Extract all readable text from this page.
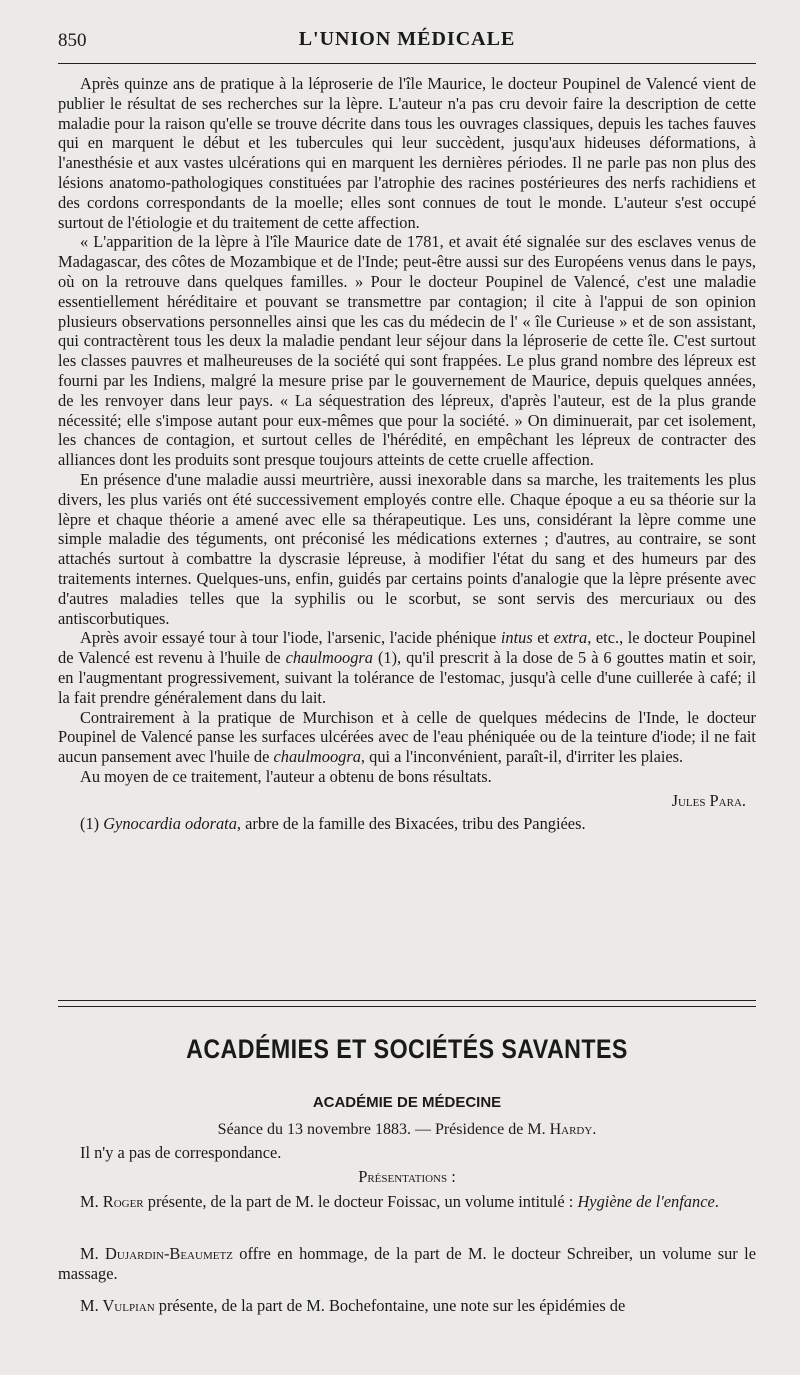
850	L'UNION MÉDICALE

Après quinze ans de pratique à la léproserie de l'île Maurice, le docteur Poupinel de Valencé vient de publier le résultat de ses recherches sur la lèpre. L'auteur n'a pas cru devoir faire la description de cette maladie pour la raison qu'elle se trouve décrite dans tous les ouvrages classiques, depuis les taches fauves qui en marquent le début et les tubercules qui leur succèdent, jusqu'aux hideuses déformations, à l'anesthésie et aux vastes ulcérations qui en marquent les dernières périodes. Il ne parle pas non plus des lésions anatomo-pathologiques constituées par l'atrophie des racines postérieures des nerfs rachidiens et des cordons correspondants de la moelle; elles sont connues de tout le monde. L'auteur s'est occupé surtout de l'étiologie et du traitement de cette affection.

« L'apparition de la lèpre à l'île Maurice date de 1781, et avait été signalée sur des esclaves venus de Madagascar, des côtes de Mozambique et de l'Inde; peut-être aussi sur des Européens venus dans le pays, où on la retrouve dans quelques familles. » Pour le docteur Poupinel de Valencé, c'est une maladie essentiellement héréditaire et pouvant se transmettre par contagion; il cite à l'appui de son opinion plusieurs observations personnelles ainsi que les cas du médecin de l' « île Curieuse » et de son assistant, qui contractèrent tous les deux la maladie pendant leur séjour dans la léproserie de cette île. C'est surtout les classes pauvres et malheureuses de la société qui sont frappées. Le plus grand nombre des lépreux est fourni par les Indiens, malgré la mesure prise par le gouvernement de Maurice, depuis quelques années, de les renvoyer dans leur pays. « La séquestration des lépreux, d'après l'auteur, est de la plus grande nécessité; elle s'impose autant pour eux-mêmes que pour la société. » On diminuerait, par cet isolement, les chances de contagion, et surtout celles de l'hérédité, en empêchant les lépreux de contracter des alliances dont les produits sont presque toujours atteints de cette cruelle affection.

En présence d'une maladie aussi meurtrière, aussi inexorable dans sa marche, les traitements les plus divers, les plus variés ont été successivement employés contre elle. Chaque époque a eu sa théorie sur la lèpre et chaque théorie a amené avec elle sa thérapeutique. Les uns, considérant la lèpre comme une simple maladie des téguments, ont préconisé les médications externes ; d'autres, au contraire, se sont attachés surtout à combattre la dyscrasie lépreuse, à modifier l'état du sang et des humeurs par des traitements internes. Quelques-uns, enfin, guidés par certains points d'analogie que la lèpre présente avec d'autres maladies telles que la syphilis ou le scorbut, se sont servis des mercuriaux ou des antiscorbutiques.

Après avoir essayé tour à tour l'iode, l'arsenic, l'acide phénique intus et extra, etc., le docteur Poupinel de Valencé est revenu à l'huile de chaulmoogra (1), qu'il prescrit à la dose de 5 à 6 gouttes matin et soir, en l'augmentant progressivement, suivant la tolérance de l'estomac, jusqu'à celle d'une cuillerée à café; il la fait prendre généralement dans du lait.

Contrairement à la pratique de Murchison et à celle de quelques médecins de l'Inde, le docteur Poupinel de Valencé panse les surfaces ulcérées avec de l'eau phéniquée ou de la teinture d'iode; il ne fait aucun pansement avec l'huile de chaulmoogra, qui a l'inconvénient, paraît-il, d'irriter les plaies.

Au moyen de ce traitement, l'auteur a obtenu de bons résultats.

Jules Para.
(1) Gynocardia odorata, arbre de la famille des Bixacées, tribu des Pangiées.
ACADÉMIES ET SOCIÉTÉS SAVANTES
ACADÉMIE DE MÉDECINE
Séance du 13 novembre 1883. — Présidence de M. Hardy.
Il n'y a pas de correspondance.
Présentations :
M. Roger présente, de la part de M. le docteur Foissac, un volume intitulé : Hygiène de l'enfance.
M. Dujardin-Beaumetz offre en hommage, de la part de M. le docteur Schreiber, un volume sur le massage.
M. Vulpian présente, de la part de M. Bochefontaine, une note sur les épidémies de
